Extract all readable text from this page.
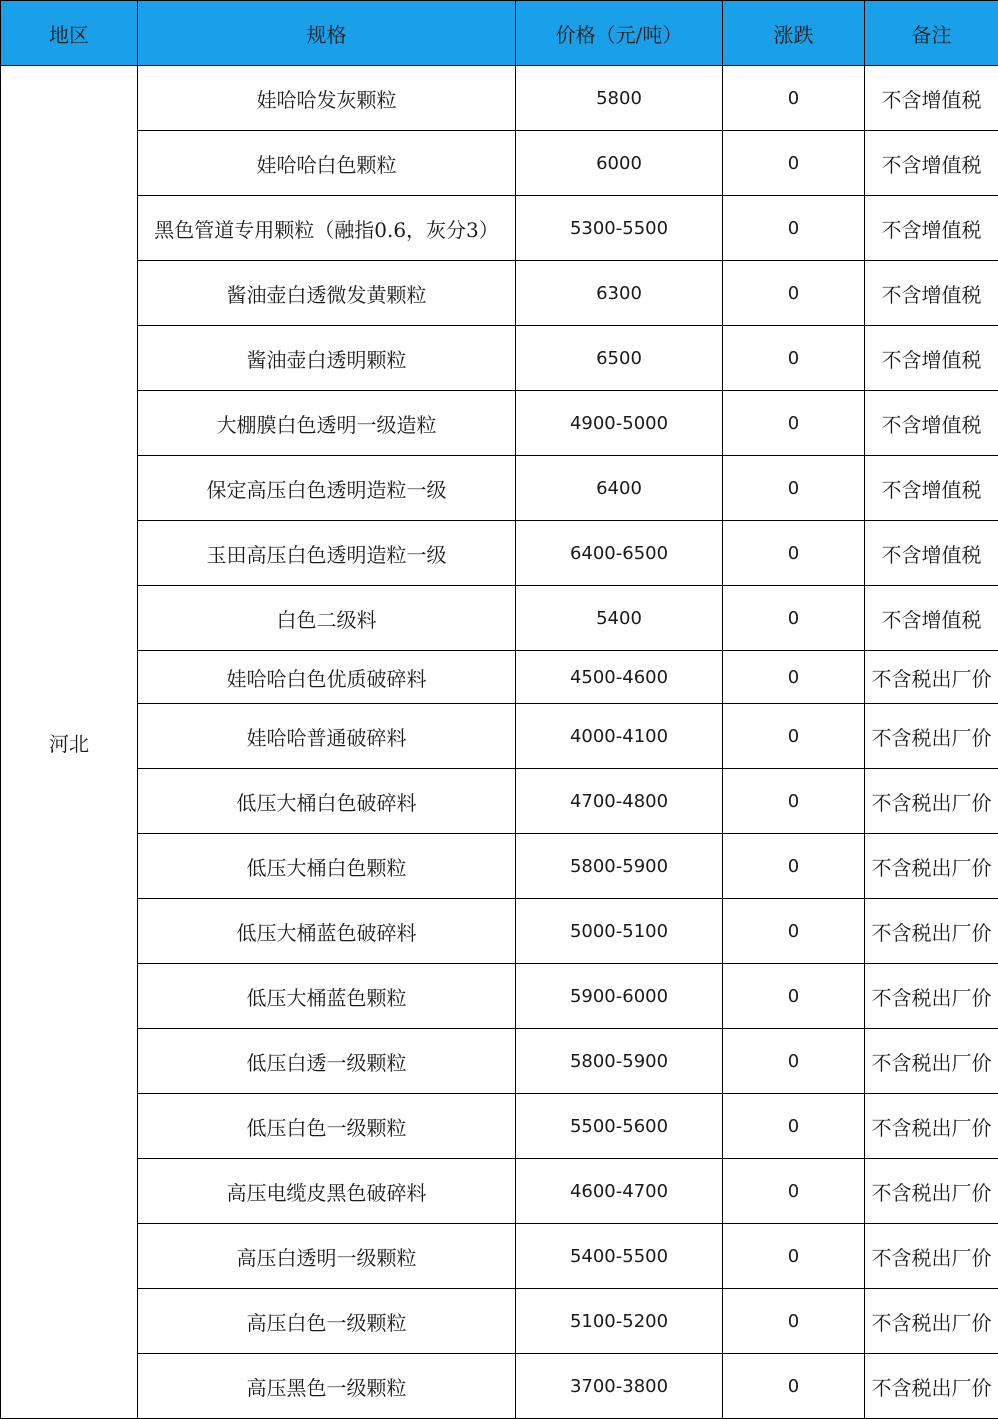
地区	规格	价格（元/吨）	涨跌	备注
河北	娃哈哈发灰颗粒	5800	0	不含增值税
	娃哈哈白色颗粒	6000	0	不含增值税
	黑色管道专用颗粒（融指0.6，灰分3）	5300-5500	0	不含增值税
	酱油壶白透微发黄颗粒	6300	0	不含增值税
	酱油壶白透明颗粒	6500	0	不含增值税
	大棚膜白色透明一级造粒	4900-5000	0	不含增值税
	保定高压白色透明造粒一级	6400	0	不含增值税
	玉田高压白色透明造粒一级	6400-6500	0	不含增值税
	白色二级料	5400	0	不含增值税
	娃哈哈白色优质破碎料	4500-4600	0	不含税出厂价
	娃哈哈普通破碎料	4000-4100	0	不含税出厂价
	低压大桶白色破碎料	4700-4800	0	不含税出厂价
	低压大桶白色颗粒	5800-5900	0	不含税出厂价
	低压大桶蓝色破碎料	5000-5100	0	不含税出厂价
	低压大桶蓝色颗粒	5900-6000	0	不含税出厂价
	低压白透一级颗粒	5800-5900	0	不含税出厂价
	低压白色一级颗粒	5500-5600	0	不含税出厂价
	高压电缆皮黑色破碎料	4600-4700	0	不含税出厂价
	高压白透明一级颗粒	5400-5500	0	不含税出厂价
	高压白色一级颗粒	5100-5200	0	不含税出厂价
	高压黑色一级颗粒	3700-3800	0	不含税出厂价
